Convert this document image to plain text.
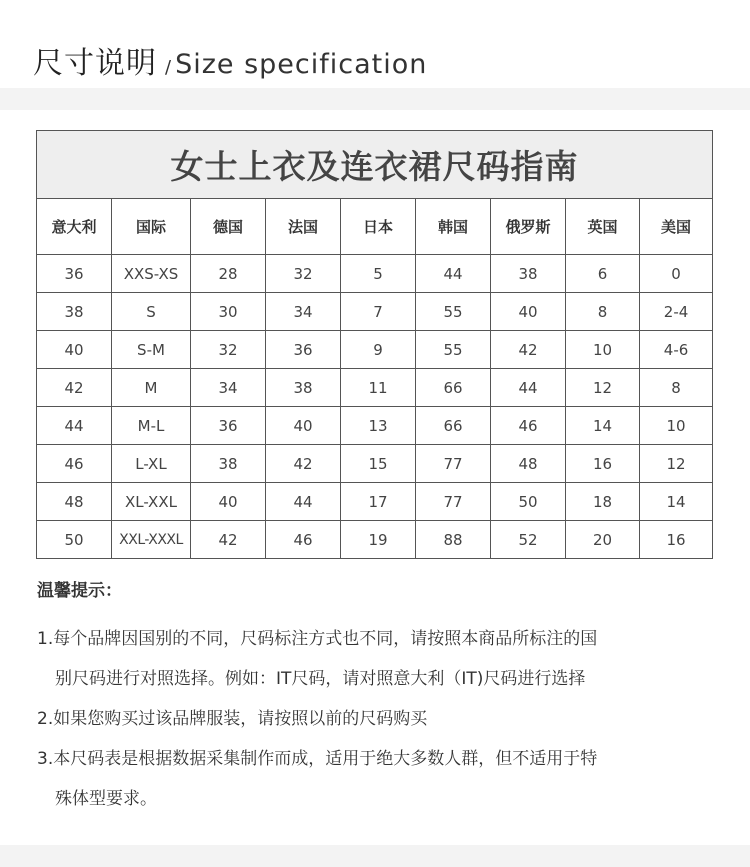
尺寸说明 / Size specification
女士上衣及连衣裙尺码指南								
意大利	国际	德国	法国	日本	韩国	俄罗斯	英国	美国
36	XXS-XS	28	32	5	44	38	6	0
38	S	30	34	7	55	40	8	2-4
40	S-M	32	36	9	55	42	10	4-6
42	M	34	38	11	66	44	12	8
44	M-L	36	40	13	66	46	14	10
46	L-XL	38	42	15	77	48	16	12
48	XL-XXL	40	44	17	77	50	18	14
50	XXL-XXXL	42	46	19	88	52	20	16
温馨提示：
1.每个品牌因国别的不同，尺码标注方式也不同，请按照本商品所标注的国
别尺码进行对照选择。例如：IT尺码，请对照意大利（IT)尺码进行选择
2.如果您购买过该品牌服装，请按照以前的尺码购买
3.本尺码表是根据数据采集制作而成，适用于绝大多数人群，但不适用于特
殊体型要求。
